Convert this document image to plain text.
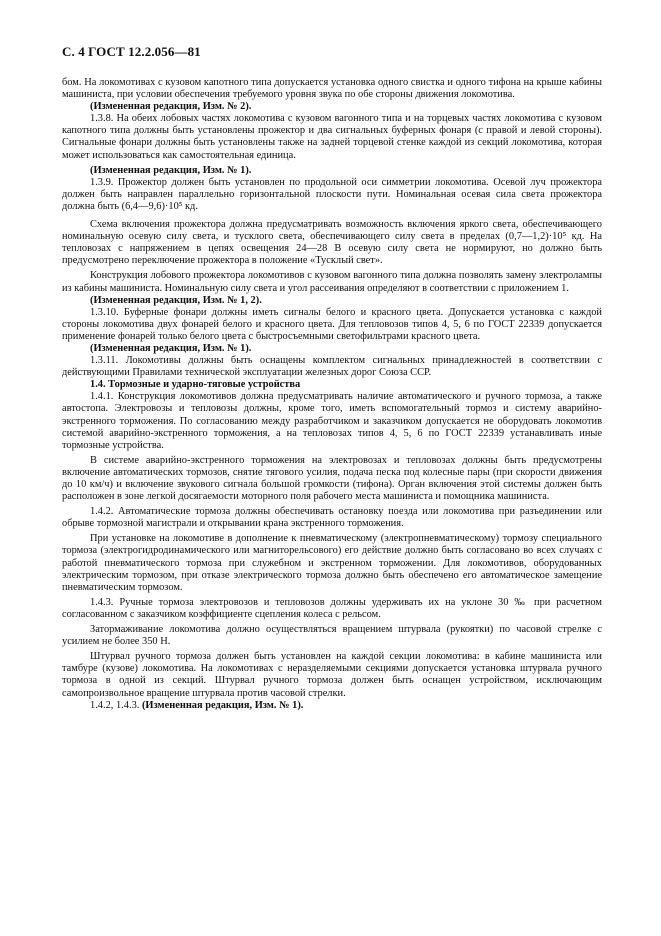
С. 4 ГОСТ 12.2.056—81

бом. На локомотивах с кузовом капотного типа допускается установка одного свистка и одного тифона на крыше кабины машиниста, при условии обеспечения требуемого уровня звука по обе стороны движения локомотива.

(Измененная редакция, Изм. № 2).

1.3.8. На обеих лобовых частях локомотива с кузовом вагонного типа и на торцевых частях локомотива с кузовом капотного типа должны быть установлены прожектор и два сигнальных буферных фонаря (с правой и левой стороны). Сигнальные фонари должны быть установлены также на задней торцевой стенке каждой из секций локомотива, которая может использоваться как самостоятельная единица.

(Измененная редакция, Изм. № 1).

1.3.9. Прожектор должен быть установлен по продольной оси симметрии локомотива. Осевой луч прожектора должен быть направлен параллельно горизонтальной плоскости пути. Номинальная осевая сила света прожектора должна быть (6,4—9,6)·10⁵ кд.

Схема включения прожектора должна предусматривать возможность включения яркого света, обеспечивающего номинальную осевую силу света, и тусклого света, обеспечивающего силу света в пределах (0,7—1,2)·10⁵ кд. На тепловозах с напряжением в цепях освещения 24—28 В осевую силу света не нормируют, но должно быть предусмотрено переключение прожектора в положение «Тусклый свет».

Конструкция лобового прожектора локомотивов с кузовом вагонного типа должна позволять замену электролампы из кабины машиниста. Номинальную силу света и угол рассеивания определяют в соответствии с приложением 1.

(Измененная редакция, Изм. № 1, 2).

1.3.10. Буферные фонари должны иметь сигналы белого и красного цвета. Допускается установка с каждой стороны локомотива двух фонарей белого и красного цвета. Для тепловозов типов 4, 5, 6 по ГОСТ 22339 допускается применение фонарей только белого цвета с быстросъемными светофильтрами красного цвета.

(Измененная редакция, Изм. № 1).

1.3.11. Локомотивы должны быть оснащены комплектом сигнальных принадлежностей в соответствии с действующими Правилами технической эксплуатации железных дорог Союза ССР.

1.4. Тормозные и ударно-тяговые устройства

1.4.1. Конструкция локомотивов должна предусматривать наличие автоматического и ручного тормоза, а также автостопа. Электровозы и тепловозы должны, кроме того, иметь вспомогательный тормоз и систему аварийно-экстренного торможения. По согласованию между разработчиком и заказчиком допускается не оборудовать локомотив системой аварийно-экстренного торможения, а на тепловозах типов 4, 5, 6 по ГОСТ 22339 устанавливать иные тормозные устройства.

В системе аварийно-экстренного торможения на электровозах и тепловозах должны быть предусмотрены включение автоматических тормозов, снятие тягового усилия, подача песка под колесные пары (при скорости движения до 10 км/ч) и включение звукового сигнала большой громкости (тифона). Орган включения этой системы должен быть расположен в зоне легкой досягаемости моторного поля рабочего места машиниста и помощника машиниста.

1.4.2. Автоматические тормоза должны обеспечивать остановку поезда или локомотива при разъединении или обрыве тормозной магистрали и открывании крана экстренного торможения.

При установке на локомотиве в дополнение к пневматическому (электропневматическому) тормозу специального тормоза (электрогидродинамического или магниторельсового) его действие должно быть согласовано во всех случаях с работой пневматического тормоза при служебном и экстренном торможении. Для локомотивов, оборудованных электрическим тормозом, при отказе электрического тормоза должно быть обеспечено его автоматическое замещение пневматическим тормозом.

1.4.3. Ручные тормоза электровозов и тепловозов должны удерживать их на уклоне 30 ‰ при расчетном согласованном с заказчиком коэффициенте сцепления колеса с рельсом.

Затормаживание локомотива должно осуществляться вращением штурвала (рукоятки) по часовой стрелке с усилием не более 350 Н.

Штурвал ручного тормоза должен быть установлен на каждой секции локомотива: в кабине машиниста или тамбуре (кузове) локомотива. На локомотивах с неразделяемыми секциями допускается установка штурвала ручного тормоза в одной из секций. Штурвал ручного тормоза должен быть оснащен устройством, исключающим самопроизвольное вращение штурвала против часовой стрелки.

1.4.2, 1.4.3. (Измененная редакция, Изм. № 1).
